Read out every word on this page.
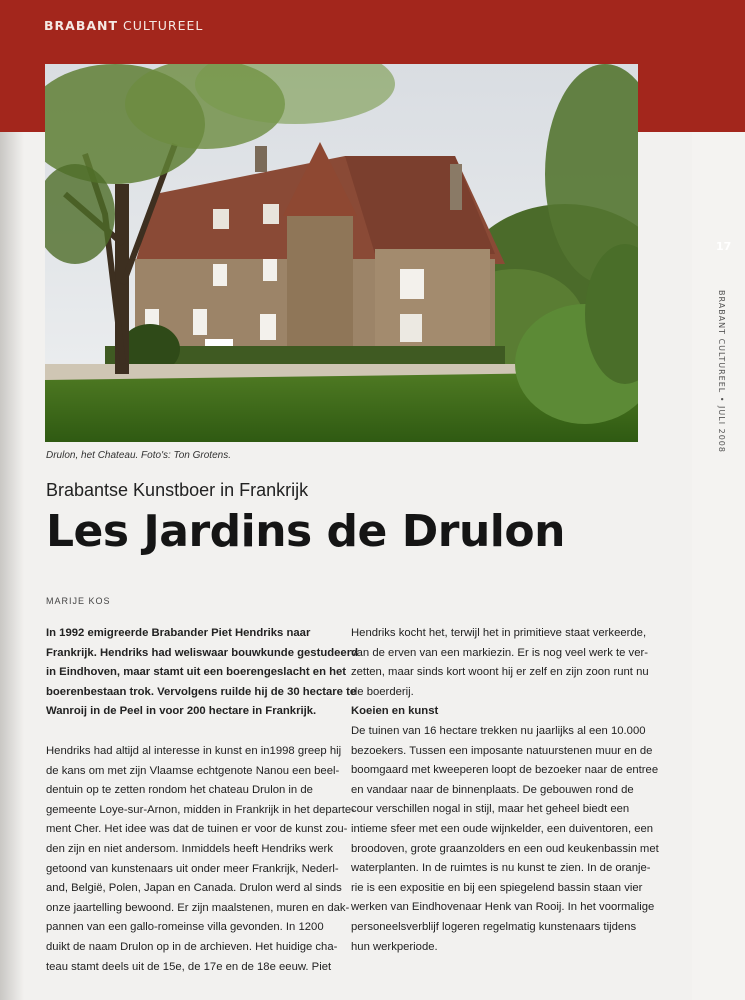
BRABANT CULTUREEL
17
BRABANT CULTUREEL • JULI 2008
Drulon, het Chateau. Foto's: Ton Grotens.
Brabantse Kunstboer in Frankrijk
Les Jardins de Drulon
MARIJE KOS

In 1992 emigreerde Brabander Piet Hendriks naar

Frankrijk. Hendriks had weliswaar bouwkunde gestudeerd

in Eindhoven, maar stamt uit een boerengeslacht en het

boerenbestaan trok. Vervolgens ruilde hij de 30 hectare te

Wanroij in de Peel in voor 200 hectare in Frankrijk.

Hendriks had altijd al interesse in kunst en in1998 greep hij

de kans om met zijn Vlaamse echtgenote Nanou een beel-

dentuin op te zetten rondom het chateau Drulon in de

gemeente Loye-sur-Arnon, midden in Frankrijk in het departe-

ment Cher. Het idee was dat de tuinen er voor de kunst zou-

den zijn en niet andersom. Inmiddels heeft Hendriks werk

getoond van kunstenaars uit onder meer Frankrijk, Nederl-

and, België, Polen, Japan en Canada. Drulon werd al sinds

onze jaartelling bewoond. Er zijn maalstenen, muren en dak-

pannen van een gallo-romeinse villa gevonden. In 1200

duikt de naam Drulon op in de archieven. Het huidige cha-

teau stamt deels uit de 15e, de 17e en de 18e eeuw. Piet

Hendriks kocht het, terwijl het in primitieve staat verkeerde,

van de erven van een markiezin. Er is nog veel werk te ver-

zetten, maar sinds kort woont hij er zelf en zijn zoon runt nu

de boerderij.

Koeien en kunst

De tuinen van 16 hectare trekken nu jaarlijks al een 10.000

bezoekers. Tussen een imposante natuurstenen muur en de

boomgaard met kweeperen loopt de bezoeker naar de entree

en vandaar naar de binnenplaats. De gebouwen rond de

cour verschillen nogal in stijl, maar het geheel biedt een

intieme sfeer met een oude wijnkelder, een duiventoren, een

broodoven, grote graanzolders en een oud keukenbassin met

waterplanten. In de ruimtes is nu kunst te zien. In de oranje-

rie is een expositie en bij een spiegelend bassin staan vier

werken van Eindhovenaar Henk van Rooij. In het voormalige

personeelsverblijf logeren regelmatig kunstenaars tijdens

hun werkperiode.
